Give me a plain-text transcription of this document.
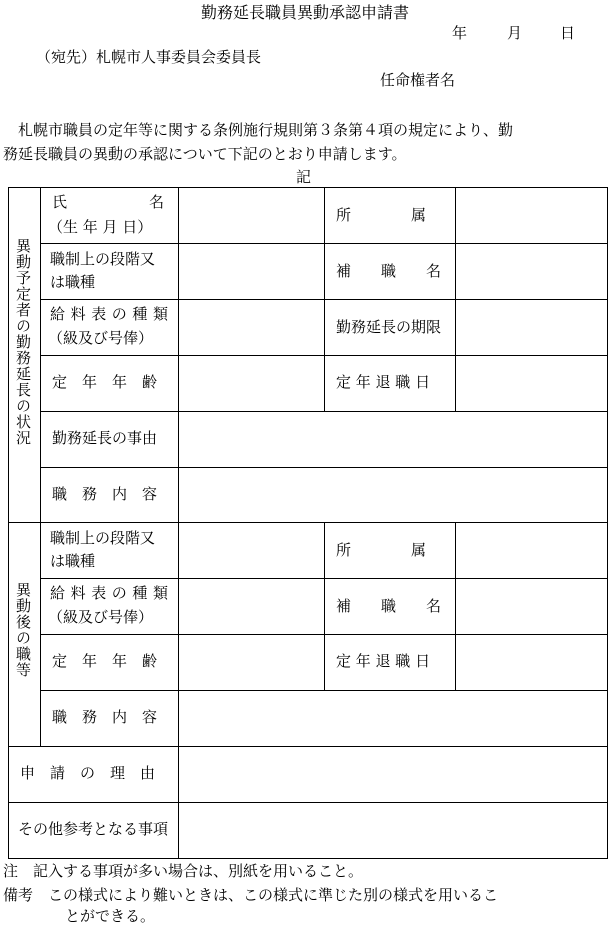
勤務延長職員異動承認申請書
年	月	日
（宛先）札幌市人事委員会委員長
任命権者名
札幌市職員の定年等に関する条例施行規則第３条第４項の規定により、勤
務延長職員の異動の承認について下記のとおり申請します。
記
異動予定者の勤務延長の状況
異動後の職等
氏　　　名
（生 年 月 日）
職制上の段階又
は職種
給料表の種類
（級及び号俸）
定　年　年　齢
勤務延長の事由
職　務　内　容
所　　　　属
補　　職　　名
勤務延長の期限
定 年 退 職 日
職制上の段階又
は職種
給料表の種類
（級及び号俸）
定　年　年　齢
職　務　内　容
所　　　　属
補　　職　　名
定 年 退 職 日
申　請　の　理　由
その他参考となる事項
注　記入する事項が多い場合は、別紙を用いること。
備考　この様式により難いときは、この様式に準じた別の様式を用いるこ
とができる。
